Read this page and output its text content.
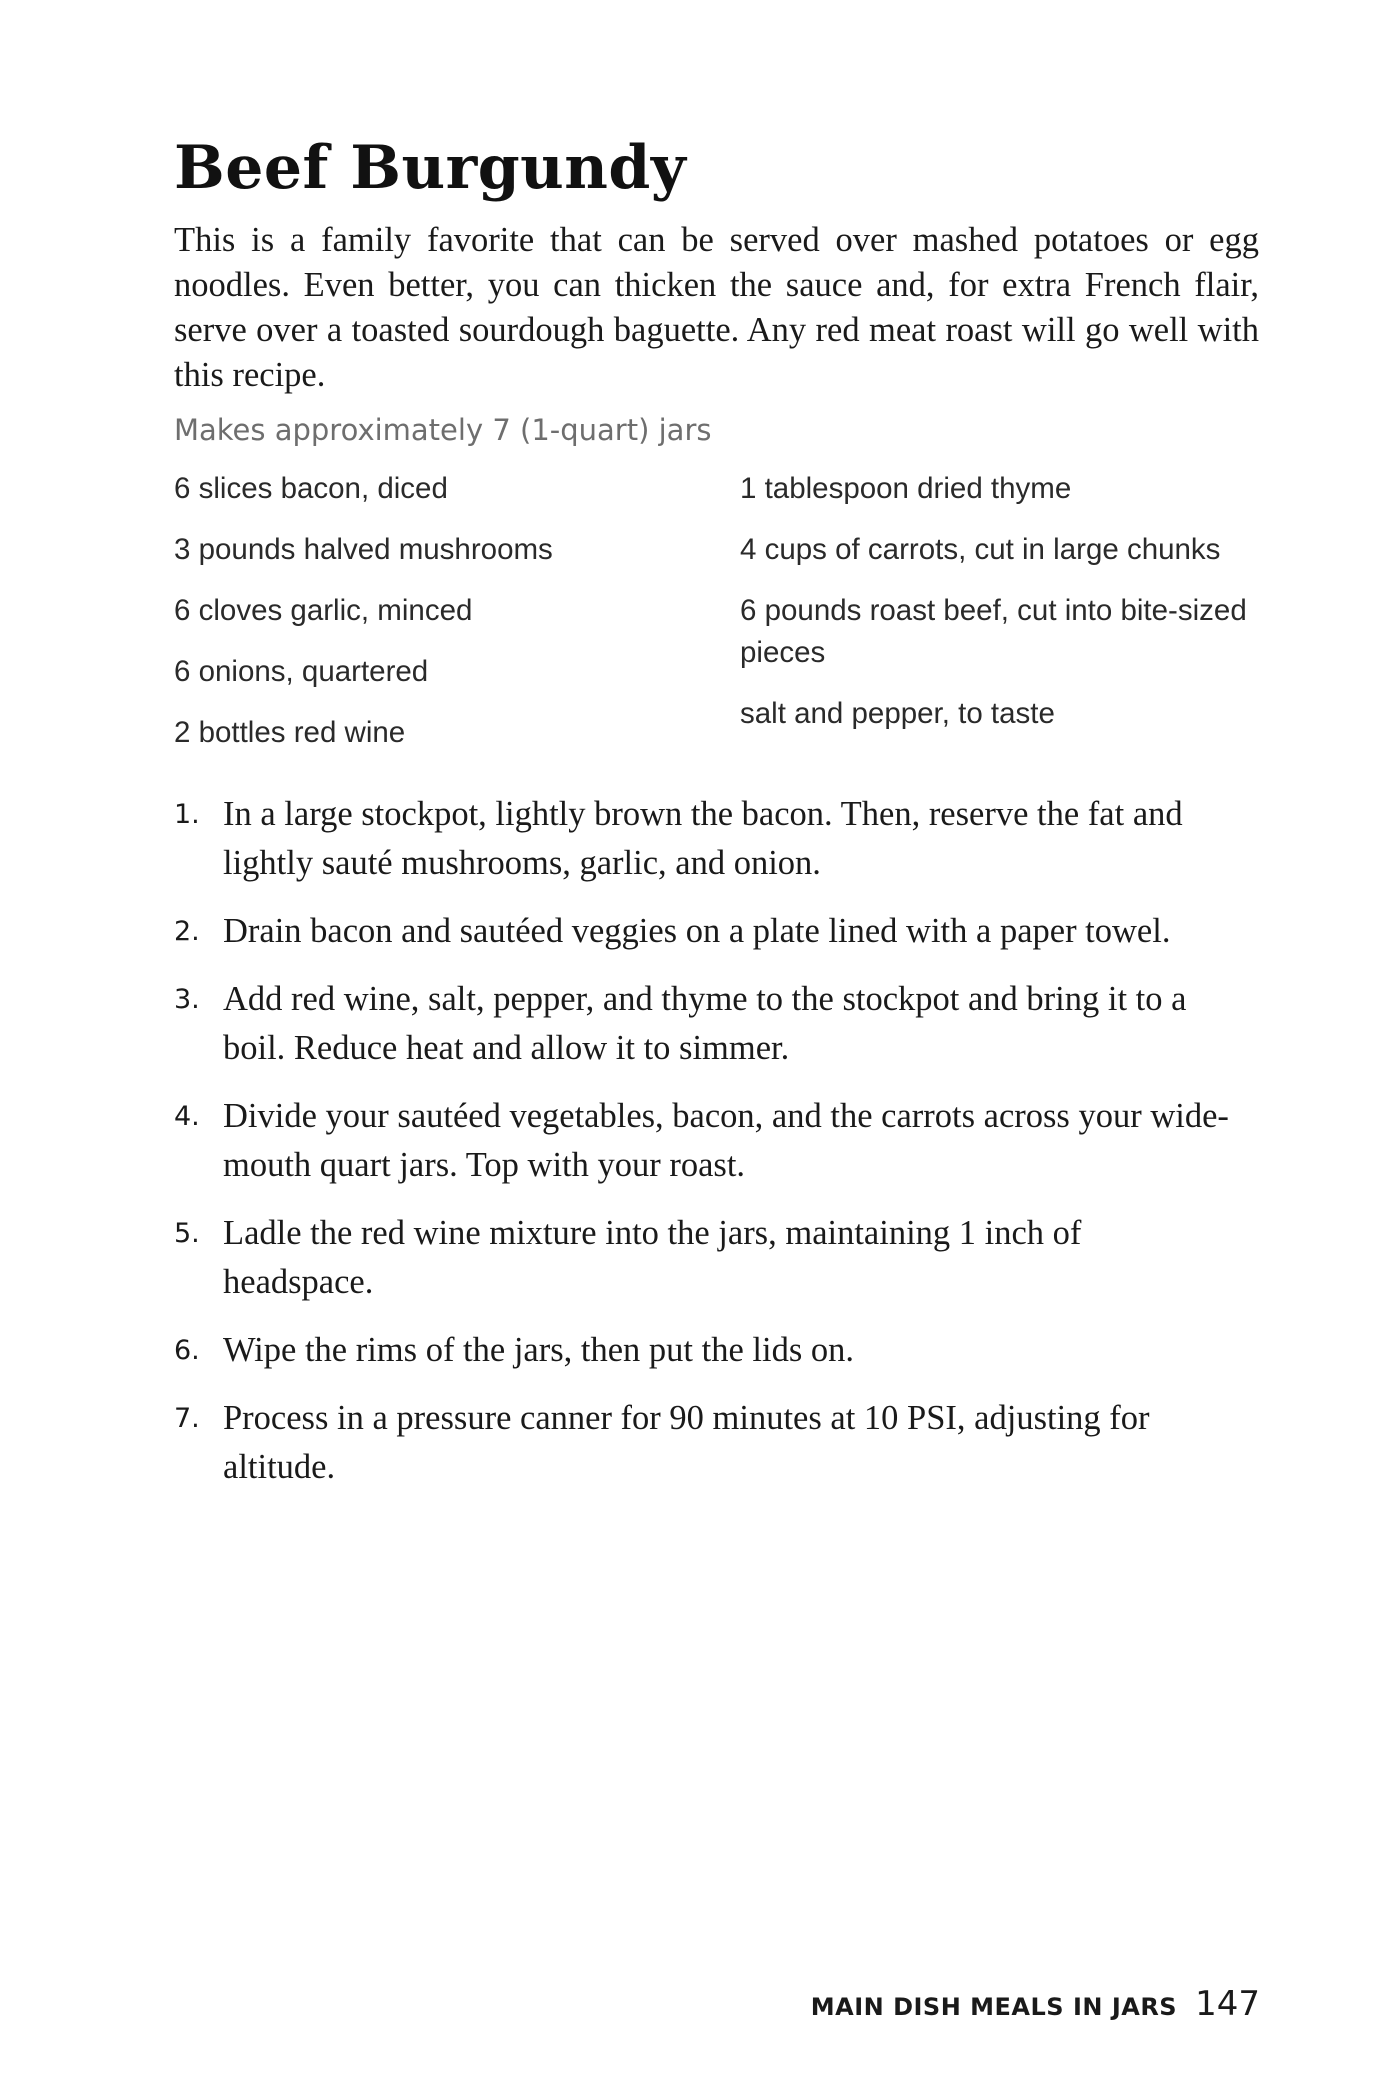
Beef Burgundy

This is a family favorite that can be served over mashed potatoes or egg noodles. Even better, you can thicken the sauce and, for extra French flair, serve over a toasted sourdough baguette. Any red meat roast will go well with this recipe.

Makes approximately 7 (1-quart) jars

6 slices bacon, diced
3 pounds halved mushrooms
6 cloves garlic, minced
6 onions, quartered
2 bottles red wine
1 tablespoon dried thyme
4 cups of carrots, cut in large chunks
6 pounds roast beef, cut into bite-sized pieces
salt and pepper, to taste
1. In a large stockpot, lightly brown the bacon. Then, reserve the fat and lightly sauté mushrooms, garlic, and onion.
2. Drain bacon and sautéed veggies on a plate lined with a paper towel.
3. Add red wine, salt, pepper, and thyme to the stockpot and bring it to a boil. Reduce heat and allow it to simmer.
4. Divide your sautéed vegetables, bacon, and the carrots across your wide-mouth quart jars. Top with your roast.
5. Ladle the red wine mixture into the jars, maintaining 1 inch of headspace.
6. Wipe the rims of the jars, then put the lids on.
7. Process in a pressure canner for 90 minutes at 10 PSI, adjusting for altitude.
MAIN DISH MEALS IN JARS 147
